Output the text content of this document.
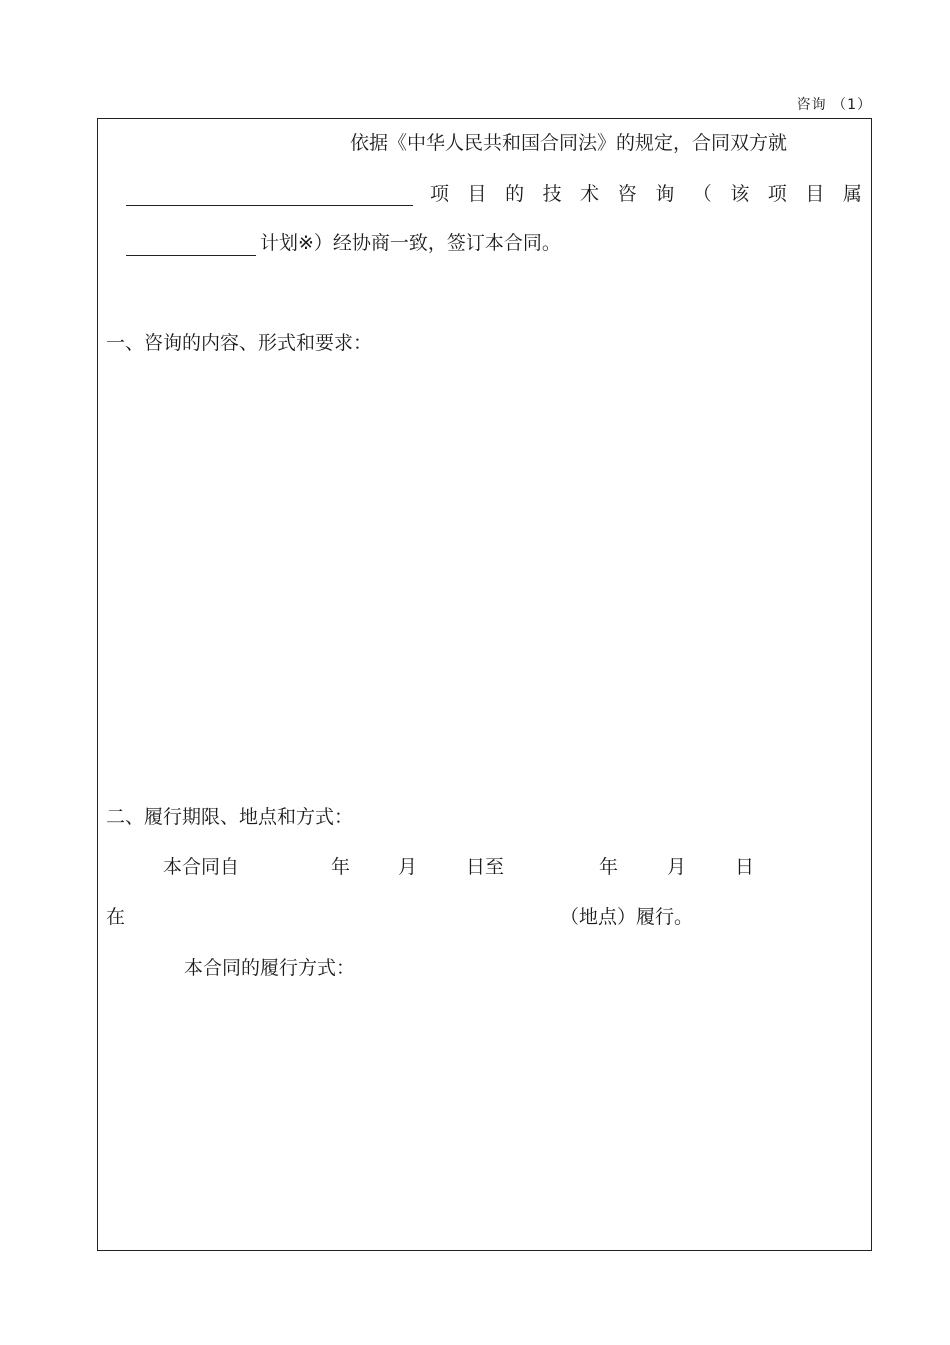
咨询 （1）
依据《中华人民共和国合同法》的规定，合同双方就
项 目 的 技 术 咨 询 （ 该 项 目 属
计划※）经协商一致，签订本合同。
一、咨询的内容、形式和要求：
二、履行期限、地点和方式：
本合同自	年	月	日至	年	月	日
在	（地点）履行。
本合同的履行方式：
